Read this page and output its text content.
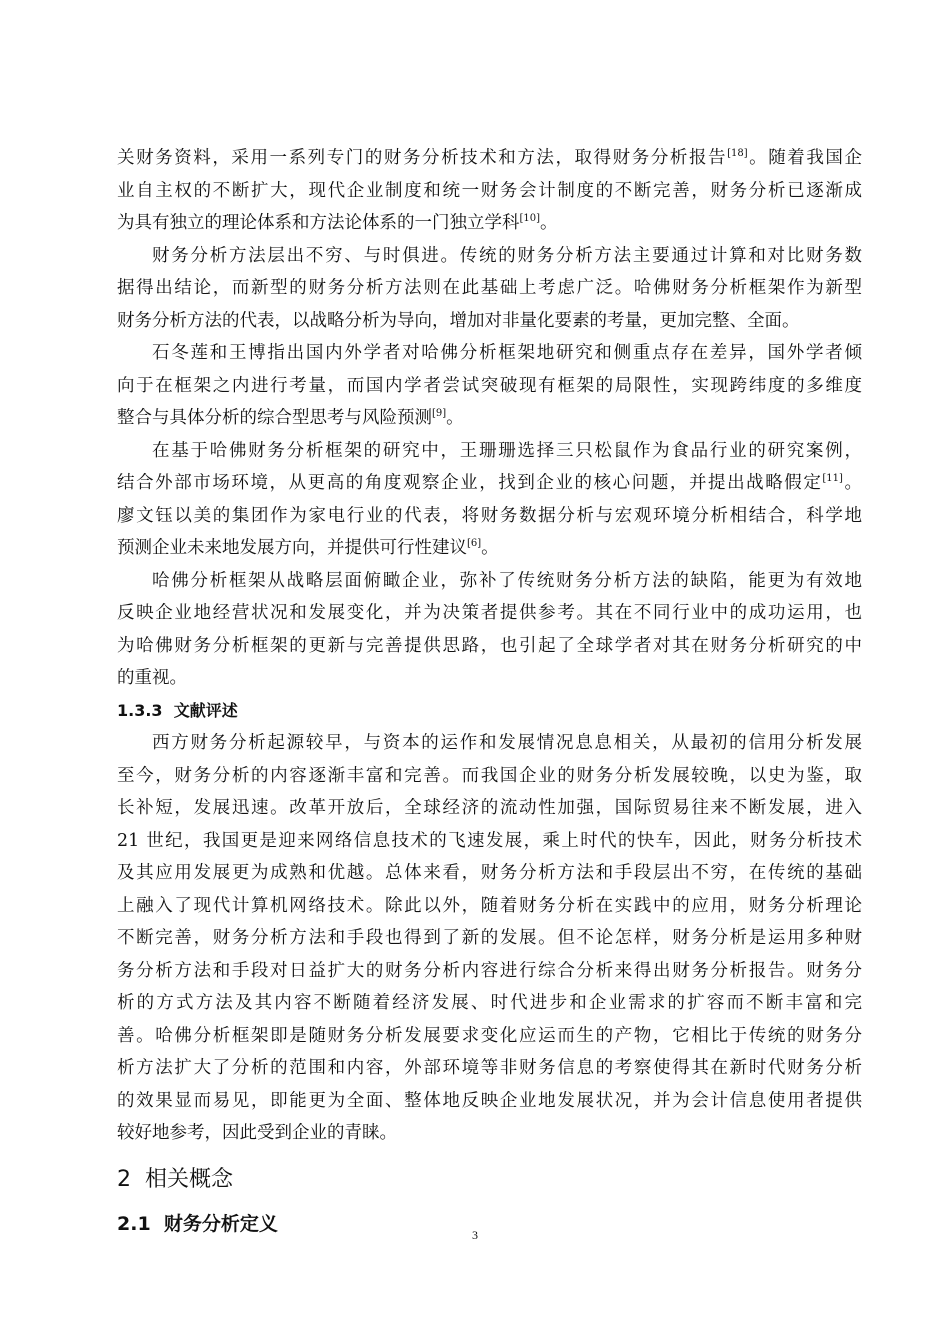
关财务资料，采用一系列专门的财务分析技术和方法，取得财务分析报告[18]。随着我国企
业自主权的不断扩大，现代企业制度和统一财务会计制度的不断完善，财务分析已逐渐成
为具有独立的理论体系和方法论体系的一门独立学科[10]。
财务分析方法层出不穷、与时俱进。传统的财务分析方法主要通过计算和对比财务数
据得出结论，而新型的财务分析方法则在此基础上考虑广泛。哈佛财务分析框架作为新型
财务分析方法的代表，以战略分析为导向，增加对非量化要素的考量，更加完整、全面。
石冬莲和王博指出国内外学者对哈佛分析框架地研究和侧重点存在差异，国外学者倾
向于在框架之内进行考量，而国内学者尝试突破现有框架的局限性，实现跨纬度的多维度
整合与具体分析的综合型思考与风险预测[9]。
在基于哈佛财务分析框架的研究中，王珊珊选择三只松鼠作为食品行业的研究案例，
结合外部市场环境，从更高的角度观察企业，找到企业的核心问题，并提出战略假定[11]。
廖文钰以美的集团作为家电行业的代表，将财务数据分析与宏观环境分析相结合，科学地
预测企业未来地发展方向，并提供可行性建议[6]。
哈佛分析框架从战略层面俯瞰企业，弥补了传统财务分析方法的缺陷，能更为有效地
反映企业地经营状况和发展变化，并为决策者提供参考。其在不同行业中的成功运用，也
为哈佛财务分析框架的更新与完善提供思路，也引起了全球学者对其在财务分析研究的中
的重视。
1.3.3 文献评述
西方财务分析起源较早，与资本的运作和发展情况息息相关，从最初的信用分析发展
至今，财务分析的内容逐渐丰富和完善。而我国企业的财务分析发展较晚，以史为鉴，取
长补短，发展迅速。改革开放后，全球经济的流动性加强，国际贸易往来不断发展，进入
21 世纪，我国更是迎来网络信息技术的飞速发展，乘上时代的快车，因此，财务分析技术
及其应用发展更为成熟和优越。总体来看，财务分析方法和手段层出不穷，在传统的基础
上融入了现代计算机网络技术。除此以外，随着财务分析在实践中的应用，财务分析理论
不断完善，财务分析方法和手段也得到了新的发展。但不论怎样，财务分析是运用多种财
务分析方法和手段对日益扩大的财务分析内容进行综合分析来得出财务分析报告。财务分
析的方式方法及其内容不断随着经济发展、时代进步和企业需求的扩容而不断丰富和完
善。哈佛分析框架即是随财务分析发展要求变化应运而生的产物，它相比于传统的财务分
析方法扩大了分析的范围和内容，外部环境等非财务信息的考察使得其在新时代财务分析
的效果显而易见，即能更为全面、整体地反映企业地发展状况，并为会计信息使用者提供
较好地参考，因此受到企业的青睐。
2 相关概念
2.1 财务分析定义
3
